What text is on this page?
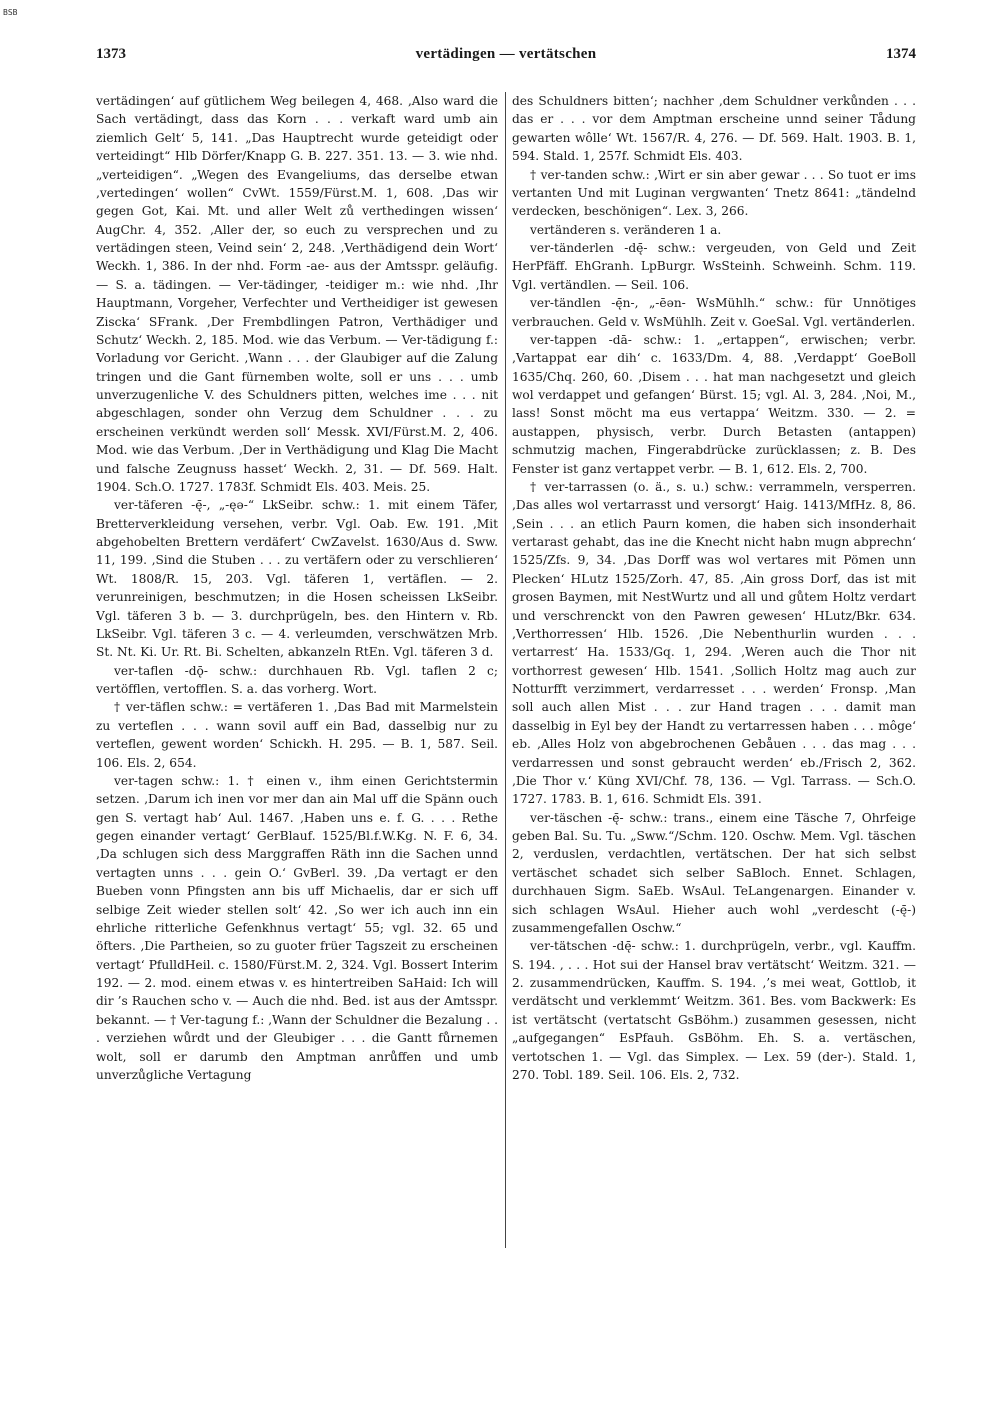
BSB
1373	vertädingen — vertätschen	1374

vertädingen‘ auf gütlichem Weg beilegen 4, 468. ‚Also ward die Sach vertädingt, dass das Korn . . . verkaft ward umb ain ziemlich Gelt‘ 5, 141. „Das Hauptrecht wurde geteidigt oder verteidingt“ Hlb Dörfer/Knapp G. B. 227. 351. 13. — 3. wie nhd. „verteidigen“. „Wegen des Evangeliums, das derselbe etwan ‚vertedingen‘ wollen“ CvWt. 1559/Fürst.M. 1, 608. ‚Das wir gegen Got, Kai. Mt. und aller Welt zů verthedingen wissen‘ AugChr. 4, 352. ‚Aller der, so euch zu versprechen und zu vertädingen steen, Veind sein‘ 2, 248. ‚Verthädigend dein Wort‘ Weckh. 1, 386. In der nhd. Form -ae- aus der Amtsspr. geläufig. — S. a. tädingen. — Ver-tädinger, -teidiger m.: wie nhd. ‚Ihr Hauptmann, Vorgeher, Verfechter und Vertheidiger ist gewesen Ziscka‘ SFrank. ‚Der Frembdlingen Patron, Verthädiger und Schutz‘ Weckh. 2, 185. Mod. wie das Verbum. — Ver-tädigung f.: Vorladung vor Gericht. ‚Wann . . . der Glaubiger auf die Zalung tringen und die Gant fürnemben wolte, soll er uns . . . umb unverzugenliche V. des Schuldners pitten, welches ime . . . nit abgeschlagen, sonder ohn Verzug dem Schuldner . . . zu erscheinen verkündt werden soll‘ Messk. XVI/Fürst.M. 2, 406. Mod. wie das Verbum. ‚Der in Verthädigung und Klag Die Macht und falsche Zeugnuss hasset‘ Weckh. 2, 31. — Df. 569. Halt. 1904. Sch.O. 1727. 1783f. Schmidt Els. 403. Meis. 25.

ver-täferen -ę̄-, „-ęə-“ LkSeibr. schw.: 1. mit einem Täfer, Bretterverkleidung versehen, verbr. Vgl. Oab. Ew. 191. ‚Mit abgehobelten Brettern verdäfert‘ CwZavelst. 1630/Aus d. Sww. 11, 199. ‚Sind die Stuben . . . zu vertäfern oder zu verschlieren‘ Wt. 1808/R. 15, 203. Vgl. täferen 1, vertäflen. — 2. verunreinigen, beschmutzen; in die Hosen scheissen LkSeibr. Vgl. täferen 3 b. — 3. durchprügeln, bes. den Hintern v. Rb. LkSeibr. Vgl. täferen 3 c. — 4. verleumden, verschwätzen Mrb. St. Nt. Ki. Ur. Rt. Bi. Schelten, abkanzeln RtEn. Vgl. täferen 3 d.

ver-taflen -dǭ- schw.: durchhauen Rb. Vgl. taflen 2 c; vertöfflen, vertofflen. S. a. das vorherg. Wort.

† ver-täflen schw.: = vertäferen 1. ‚Das Bad mit Marmelstein zu verteflen . . . wann sovil auff ein Bad, dasselbig nur zu verteflen, gewent worden‘ Schickh. H. 295. — B. 1, 587. Seil. 106. Els. 2, 654.

ver-tagen schw.: 1. † einen v., ihm einen Gerichtstermin setzen. ‚Darum ich inen vor mer dan ain Mal uff die Spänn ouch gen S. vertagt hab‘ Aul. 1467. ‚Haben uns e. f. G. . . . Rethe gegen einander vertagt‘ GerBlauf. 1525/Bl.f.W.Kg. N. F. 6, 34. ‚Da schlugen sich dess Marggraffen Räth inn die Sachen unnd vertagten unns . . . gein O.‘ GvBerl. 39. ‚Da vertagt er den Bueben vonn Pfingsten ann bis uff Michaelis, dar er sich uff selbige Zeit wieder stellen solt‘ 42. ‚So wer ich auch inn ein ehrliche ritterliche Gefenkhnus vertagt‘ 55; vgl. 32. 65 und öfters. ‚Die Partheien, so zu guoter früer Tagszeit zu erscheinen vertagt‘ PfulldHeil. c. 1580/Fürst.M. 2, 324. Vgl. Bossert Interim 192. — 2. mod. einem etwas v. es hintertreiben SaHaid: Ich will dir ’s Rauchen scho v. — Auch die nhd. Bed. ist aus der Amtsspr. bekannt. — † Ver-tagung f.: ‚Wann der Schuldner die Bezalung . . . verziehen wůrdt und der Gleubiger . . . die Gantt fůrnemen wolt, soll er darumb den Amptman anrůffen und umb unverzůgliche Vertagung

des Schuldners bitten‘; nachher ‚dem Schuldner verkůnden . . . das er . . . vor dem Amptman erscheine unnd seiner Tådung gewarten wôlle‘ Wt. 1567/R. 4, 276. — Df. 569. Halt. 1903. B. 1, 594. Stald. 1, 257f. Schmidt Els. 403.

† ver-tanden schw.: ‚Wirt er sin aber gewar . . . So tuot er ims vertanten Und mit Luginan vergwanten‘ Tnetz 8641: „tändelnd verdecken, beschönigen“. Lex. 3, 266.

vertänderen s. veränderen 1 a.

ver-tänderlen -dę̄- schw.: vergeuden, von Geld und Zeit HerPfäff. EhGranh. LpBurgr. WsSteinh. Schweinh. Schm. 119. Vgl. vertändlen. — Seil. 106.

ver-tändlen -ę̄n-, „-ēən- WsMühlh.“ schw.: für Unnötiges verbrauchen. Geld v. WsMühlh. Zeit v. GoeSal. Vgl. vertänderlen.

ver-tappen -dā- schw.: 1. „ertappen“, erwischen; verbr. ‚Vartappat ear dih‘ c. 1633/Dm. 4, 88. ‚Verdappt‘ GoeBoll 1635/Chq. 260, 60. ‚Disem . . . hat man nachgesetzt und gleich wol verdappet und gefangen‘ Bürst. 15; vgl. Al. 3, 284. ‚Noi, M., lass! Sonst möcht ma eus vertappa‘ Weitzm. 330. — 2. = austappen, physisch, verbr. Durch Betasten (antappen) schmutzig machen, Fingerabdrücke zurücklassen; z. B. Des Fenster ist ganz vertappet verbr. — B. 1, 612. Els. 2, 700.

† ver-tarrassen (o. ä., s. u.) schw.: verrammeln, versperren. ‚Das alles wol vertarrasst und versorgt‘ Haig. 1413/MfHz. 8, 86. ‚Sein . . . an etlich Paurn komen, die haben sich insonderhait vertarast gehabt, das ine die Knecht nicht habn mugn abprechn‘ 1525/Zfs. 9, 34. ‚Das Dorff was wol vertares mit Pömen unn Plecken‘ HLutz 1525/Zorh. 47, 85. ‚Ain gross Dorf, das ist mit grosen Baymen, mit NestWurtz und all und gůtem Holtz verdart und verschrenckt von den Pawren gewesen‘ HLutz/Bkr. 634. ‚Verthorressen‘ Hlb. 1526. ‚Die Nebenthurlin wurden . . . vertarrest‘ Ha. 1533/Gq. 1, 294. ‚Weren auch die Thor nit vorthorrest gewesen‘ Hlb. 1541. ‚Sollich Holtz mag auch zur Notturfft verzimmert, verdarresset . . . werden‘ Fronsp. ‚Man soll auch allen Mist . . . zur Hand tragen . . . damit man dasselbig in Eyl bey der Handt zu vertarressen haben . . . môge‘ eb. ‚Alles Holz von abgebrochenen Gebåuen . . . das mag . . . verdarressen und sonst gebraucht werden‘ eb./Frisch 2, 362. ‚Die Thor v.‘ Küng XVI/Chf. 78, 136. — Vgl. Tarrass. — Sch.O. 1727. 1783. B. 1, 616. Schmidt Els. 391.

ver-täschen -ę̄- schw.: trans., einem eine Täsche 7, Ohrfeige geben Bal. Su. Tu. „Sww.“/Schm. 120. Oschw. Mem. Vgl. täschen 2, verduslen, verdachtlen, vertätschen. Der hat sich selbst vertäschet schadet sich selber SaBloch. Ennet. Schlagen, durchhauen Sigm. SaEb. WsAul. TeLangenargen. Einander v. sich schlagen WsAul. Hieher auch wohl „verdescht (-ę̄-) zusammengefallen Oschw.“

ver-tätschen -dę̄- schw.: 1. durchprügeln, verbr., vgl. Kauffm. S. 194. ‚ . . . Hot sui der Hansel brav vertätscht‘ Weitzm. 321. — 2. zusammendrücken, Kauffm. S. 194. ‚’s mei weat, Gottlob, it verdätscht und verklemmt‘ Weitzm. 361. Bes. vom Backwerk: Es ist vertätscht (vertatscht GsBöhm.) zusammen gesessen, nicht „aufgegangen“ EsPfauh. GsBöhm. Eh. S. a. vertäschen, vertotschen 1. — Vgl. das Simplex. — Lex. 59 (der-). Stald. 1, 270. Tobl. 189. Seil. 106. Els. 2, 732.
